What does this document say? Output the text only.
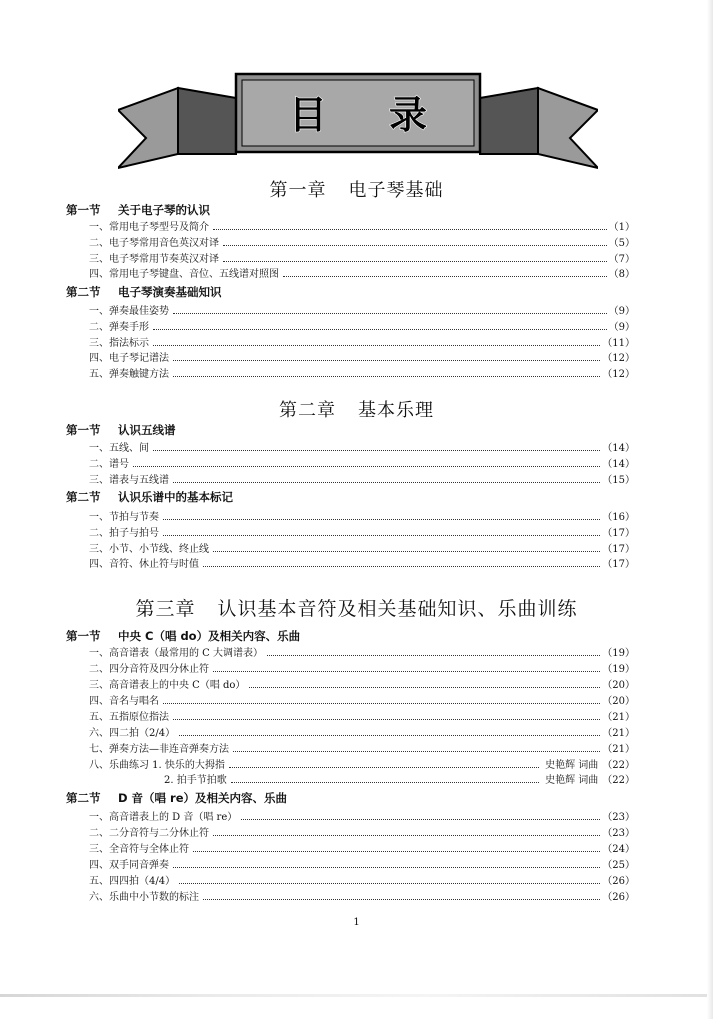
目 录
第一章 电子琴基础
第一节 关于电子琴的认识
一、常用电子琴型号及简介	（1）
二、电子琴常用音色英汉对译	（5）
三、电子琴常用节奏英汉对译	（7）
四、常用电子琴键盘、音位、五线谱对照图	（8）
第二节 电子琴演奏基础知识
一、弹奏最佳姿势	（9）
二、弹奏手形	（9）
三、指法标示	（11）
四、电子琴记谱法	（12）
五、弹奏触键方法	（12）
第二章 基本乐理
第一节 认识五线谱
一、五线、间	（14）
二、谱号	（14）
三、谱表与五线谱	（15）
第二节 认识乐谱中的基本标记
一、节拍与节奏	（16）
二、拍子与拍号	（17）
三、小节、小节线、终止线	（17）
四、音符、休止符与时值	（17）
第三章 认识基本音符及相关基础知识、乐曲训练
第一节 中央 C（唱 do）及相关内容、乐曲
一、高音谱表（最常用的 C 大调谱表）	（19）
二、四分音符及四分休止符	（19）
三、高音谱表上的中央 C（唱 do）	（20）
四、音名与唱名	（20）
五、五指原位指法	（21）
六、四二拍（2/4）	（21）
七、弹奏方法—非连音弹奏方法	（21）
八、乐曲练习 1. 快乐的大拇指	史艳辉 词曲 （22）
2. 拍手节拍歌	史艳辉 词曲 （22）
第二节 D 音（唱 re）及相关内容、乐曲
一、高音谱表上的 D 音（唱 re）	（23）
二、二分音符与二分休止符	（23）
三、全音符与全体止符	（24）
四、双手同音弹奏	（25）
五、四四拍（4/4）	（26）
六、乐曲中小节数的标注	（26）
1
